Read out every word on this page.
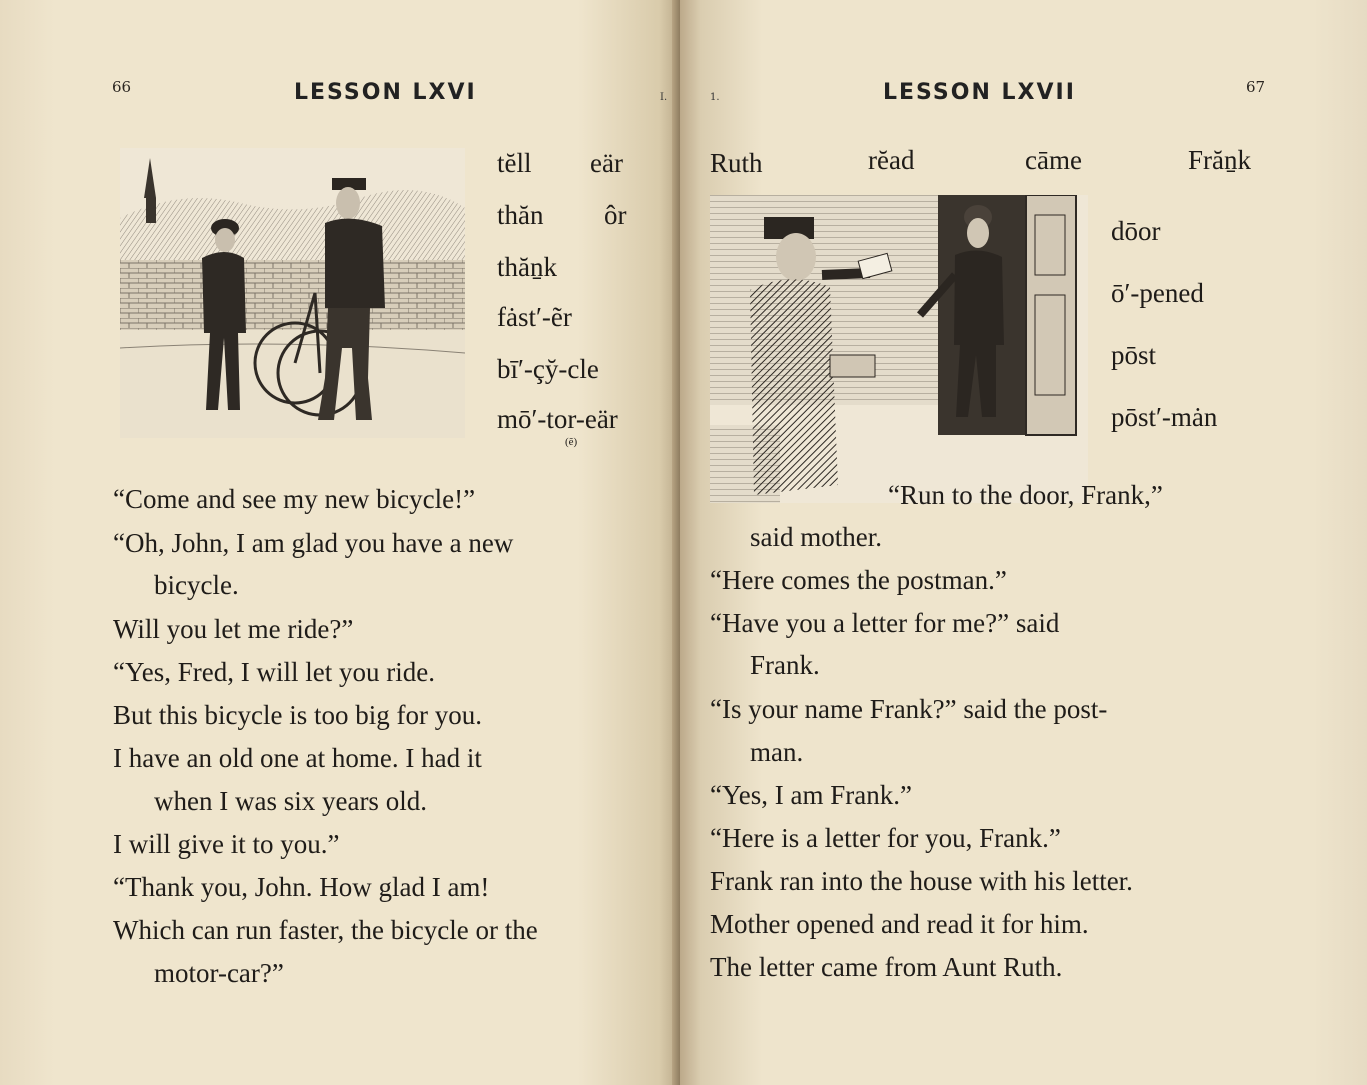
66	LESSON LXVI	I.
tĕll eär
thăn ôr
thăṉk
fȧst′-ẽr
bī′-çy̆-cle
mō′-tor-eär
(ẽ)
“Come and see my new bicycle!”
“Oh, John, I am glad you have a new
bicycle.
Will you let me ride?”
“Yes, Fred, I will let you ride.
But this bicycle is too big for you.
I have an old one at home. I had it
when I was six years old.
I will give it to you.”
“Thank you, John. How glad I am!
Which can run faster, the bicycle or the
motor-car?”
1.	LESSON LXVII	67
Ruth	rĕad	cāme	Frăṉk
dōor
ō′-pened
pōst
pōst′-mȧn
“Run to the door, Frank,”
said mother.
“Here comes the postman.”
“Have you a letter for me?” said
Frank.
“Is your name Frank?” said the post-
man.
“Yes, I am Frank.”
“Here is a letter for you, Frank.”
Frank ran into the house with his letter.
Mother opened and read it for him.
The letter came from Aunt Ruth.
